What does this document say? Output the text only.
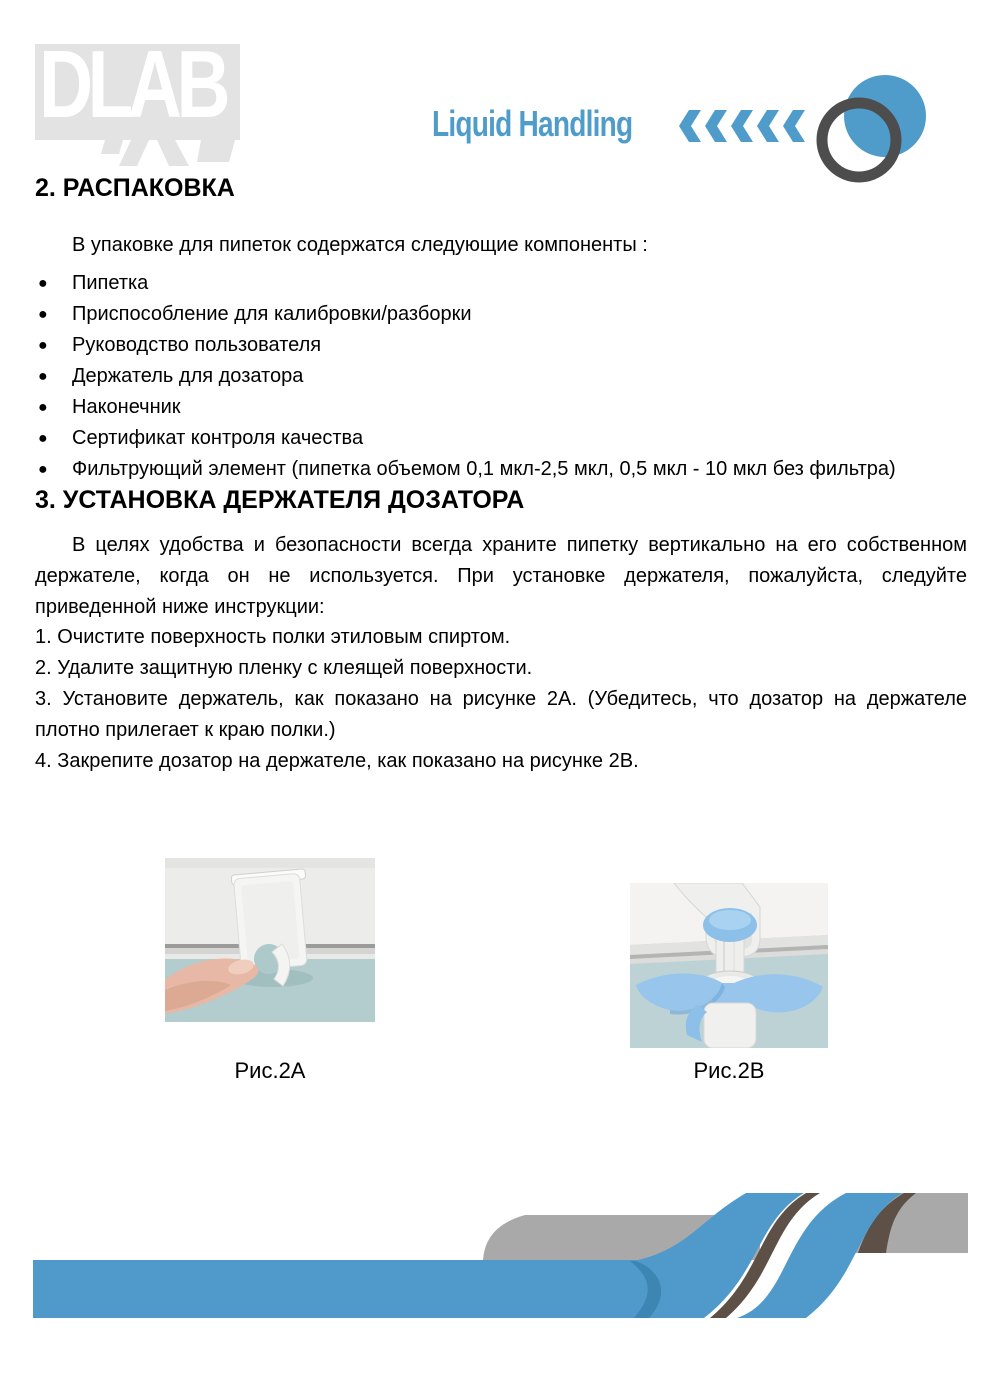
DLAB	Liquid Handling
2. РАСПАКОВКА

В упаковке для пипеток содержатся следующие компоненты :

● Пипетка
● Приспособление для калибровки/разборки
● Руководство пользователя
● Держатель для дозатора
● Наконечник
● Сертификат контроля качества
● Фильтрующий элемент (пипетка объемом 0,1 мкл-2,5 мкл, 0,5 мкл - 10 мкл без фильтра)
3. УСТАНОВКА ДЕРЖАТЕЛЯ ДОЗАТОРА

В целях удобства и безопасности всегда храните пипетку вертикально на его собственном держателе, когда он не используется. При установке держателя, пожалуйста, следуйте приведенной ниже инструкции:

1. Очистите поверхность полки этиловым спиртом.

2. Удалите защитную пленку с клеящей поверхности.

3. Установите держатель, как показано на рисунке 2A. (Убедитесь, что дозатор на держателе плотно прилегает к краю полки.)

4. Закрепите дозатор на держателе, как показано на рисунке 2B.

Рис.2A	Рис.2B
